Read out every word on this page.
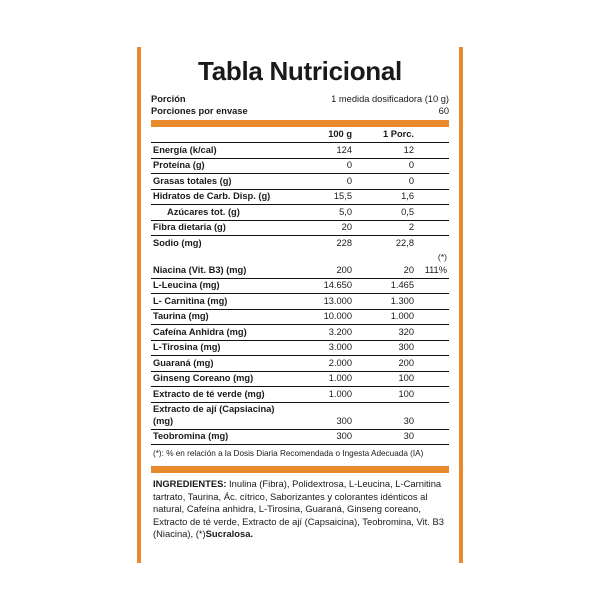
Tabla Nutricional
Porción	1 medida dosificadora (10 g)
Porciones por envase	60
	100 g	1 Porc.	
Energía (k/cal)	124	12	
Proteína (g)	0	0	
Grasas totales (g)	0	0	
Hidratos de Carb. Disp. (g)	15,5	1,6	
Azúcares tot. (g)	5,0	0,5	
Fibra dietaria (g)	20	2	
Sodio (mg)	228	22,8	
			(*)
Niacina (Vit. B3) (mg)	200	20	111%
L-Leucina (mg)	14.650	1.465	
L- Carnitina (mg)	13.000	1.300	
Taurina (mg)	10.000	1.000	
Cafeína Anhidra (mg)	3.200	320	
L-Tirosina (mg)	3.000	300	
Guaraná (mg)	2.000	200	
Ginseng Coreano (mg)	1.000	100	
Extracto de té verde (mg)	1.000	100	
Extracto de ají (Capsiacina) (mg)	300	30	
Teobromina (mg)	300	30	
(*): % en relación a la Dosis Diaria Recomendada o Ingesta Adecuada (IA)
INGREDIENTES: Inulina (Fibra), Polidextrosa, L-Leucina, L-Carnitina tartrato, Taurina, Ác. cítrico, Saborizantes y colorantes idénticos al natural, Cafeína anhidra, L-Tirosina, Guaraná, Ginseng coreano, Extracto de té verde, Extracto de ají (Capsaicina), Teobromina, Vit. B3 (Niacina), (*)Sucralosa.
